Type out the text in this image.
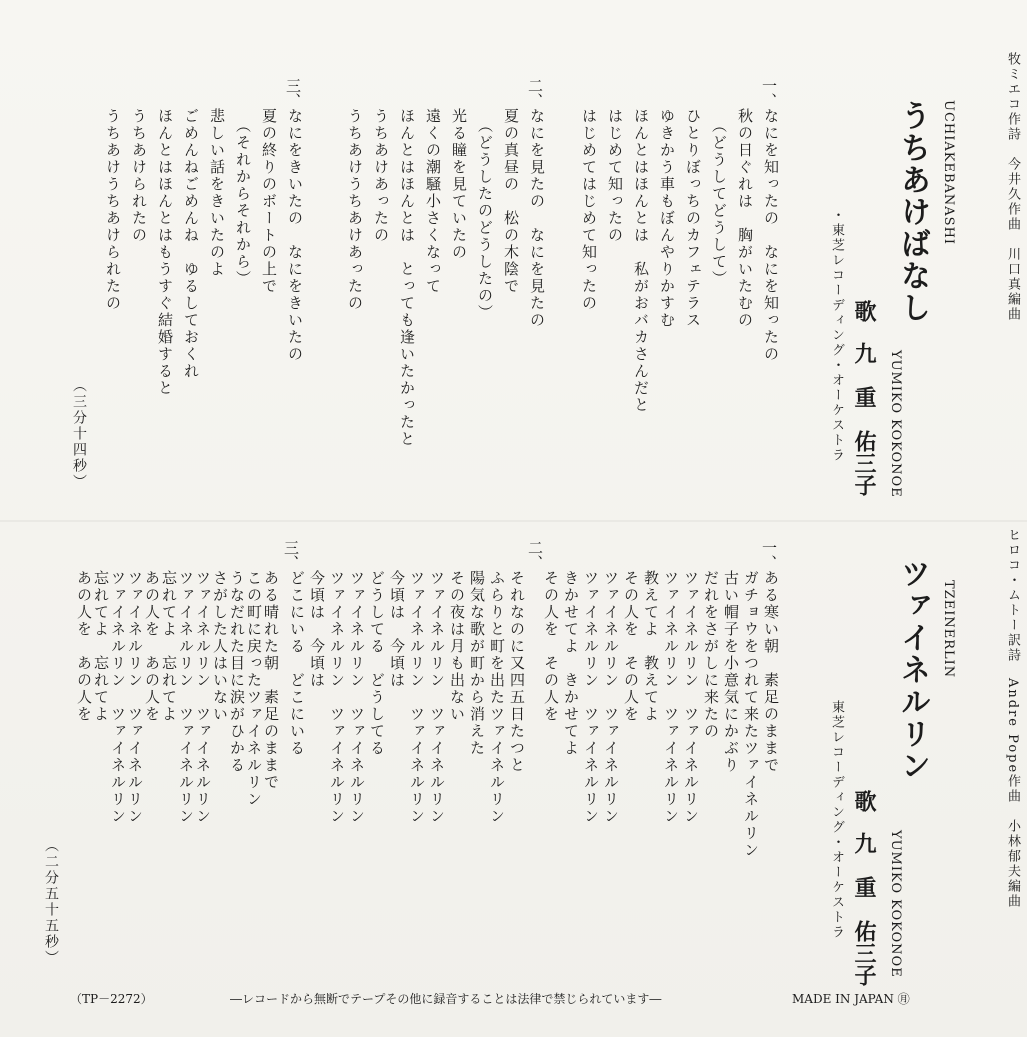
牧ミエコ作詩　今井久作曲　川口真編曲
うちあけばなし UCHIAKEBANASHI
・東芝レコーディング・オーケストラ 歌
九　重　佑三子 YUMIKO KOKONOE
一、
なにを知ったの　なにを知ったの
秋の日ぐれは　胸がいたむの
　（どうしてどうして）
ひとりぼっちのカフェテラス
ゆきかう車もぼんやりかすむ
ほんとはほんとは　私がおバカさんだと
はじめて知ったの
はじめてはじめて知ったの
二、
なにを見たの　なにを見たの
夏の真昼の　松の木陰で
　（どうしたのどうしたの）
光る瞳を見ていたの
遠くの潮騒小さくなって
ほんとはほんとは　とっても逢いたかったと
うちあけあったの
うちあけうちあけあったの
三、
なにをきいたの　なにをきいたの
夏の終りのボートの上で
　（それからそれから）
悲しい話をきいたのよ
ごめんねごめんね　ゆるしておくれ
ほんとはほんとはもうすぐ結婚すると
うちあけられたの
うちあけうちあけられたの
（三分十四秒）
ヒロコ・ムトー訳詩　Andre Pope作曲　小林郁夫編曲
ツァイネルリン TZEINERLIN
東芝レコーディング・オーケストラ 歌
九　重　佑三子 YUMIKO KOKONOE
一、
ある寒い朝　素足のままで
ガチョウをつれて来たツァイネルリン
古い帽子を小意気にかぶり
だれをさがしに来たの
ツァイネルリン　ツァイネルリン
ツァイネルリン　ツァイネルリン
教えてよ　教えてよ
その人を　その人を
ツァイネルリン　ツァイネルリン
ツァイネルリン　ツァイネルリン
きかせてよ　きかせてよ
その人を　その人を
二、
それなのに又四五日たつと
ふらりと町を出たツァイネルリン
陽気な歌が町から消えた
その夜は月も出ない
ツァイネルリン　ツァイネルリン
ツァイネルリン　ツァイネルリン
今頃は　今頃は
どうしてる　どうしてる
ツァイネルリン　ツァイネルリン
ツァイネルリン　ツァイネルリン
今頃は　今頃は
どこにいる　どこにいる
三、
ある晴れた朝　素足のままで
この町に戻ったツァイネルリン
うなだれた目に涙がひかる
さがした人はいない
ツァイネルリン　ツァイネルリン
ツァイネルリン　ツァイネルリン
忘れてよ　忘れてよ
あの人を　あの人を
ツァイネルリン　ツァイネルリン
ツァイネルリン　ツァイネルリン
忘れてよ　忘れてよ
あの人を　あの人を
（二分五十五秒）
（TP－2272）	―レコードから無断でテープその他に録音することは法律で禁じられています―	MADE IN JAPAN ㊊
